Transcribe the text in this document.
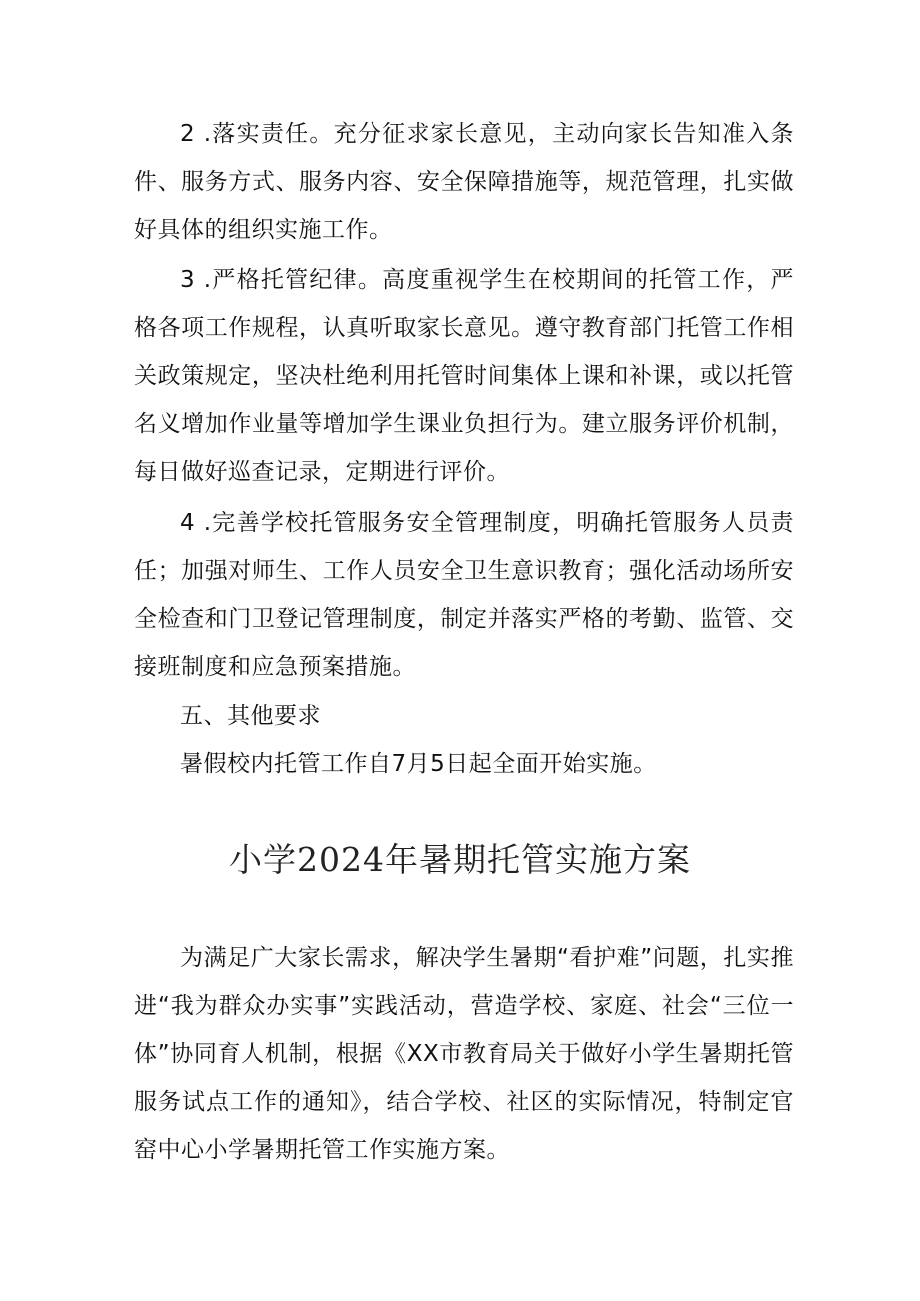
2 .落实责任。充分征求家长意见，主动向家长告知准入条件、服务方式、服务内容、安全保障措施等，规范管理，扎实做好具体的组织实施工作。

3 .严格托管纪律。高度重视学生在校期间的托管工作，严格各项工作规程，认真听取家长意见。遵守教育部门托管工作相关政策规定，坚决杜绝利用托管时间集体上课和补课，或以托管名义增加作业量等增加学生课业负担行为。建立服务评价机制，每日做好巡查记录，定期进行评价。

4 .完善学校托管服务安全管理制度，明确托管服务人员责任；加强对师生、工作人员安全卫生意识教育；强化活动场所安全检查和门卫登记管理制度，制定并落实严格的考勤、监管、交接班制度和应急预案措施。

五、其他要求

暑假校内托管工作自7月5日起全面开始实施。

小学2024年暑期托管实施方案

为满足广大家长需求，解决学生暑期“看护难”问题，扎实推进“我为群众办实事”实践活动，营造学校、家庭、社会“三位一体”协同育人机制，根据《XX市教育局关于做好小学生暑期托管服务试点工作的通知》，结合学校、社区的实际情况，特制定官窑中心小学暑期托管工作实施方案。
